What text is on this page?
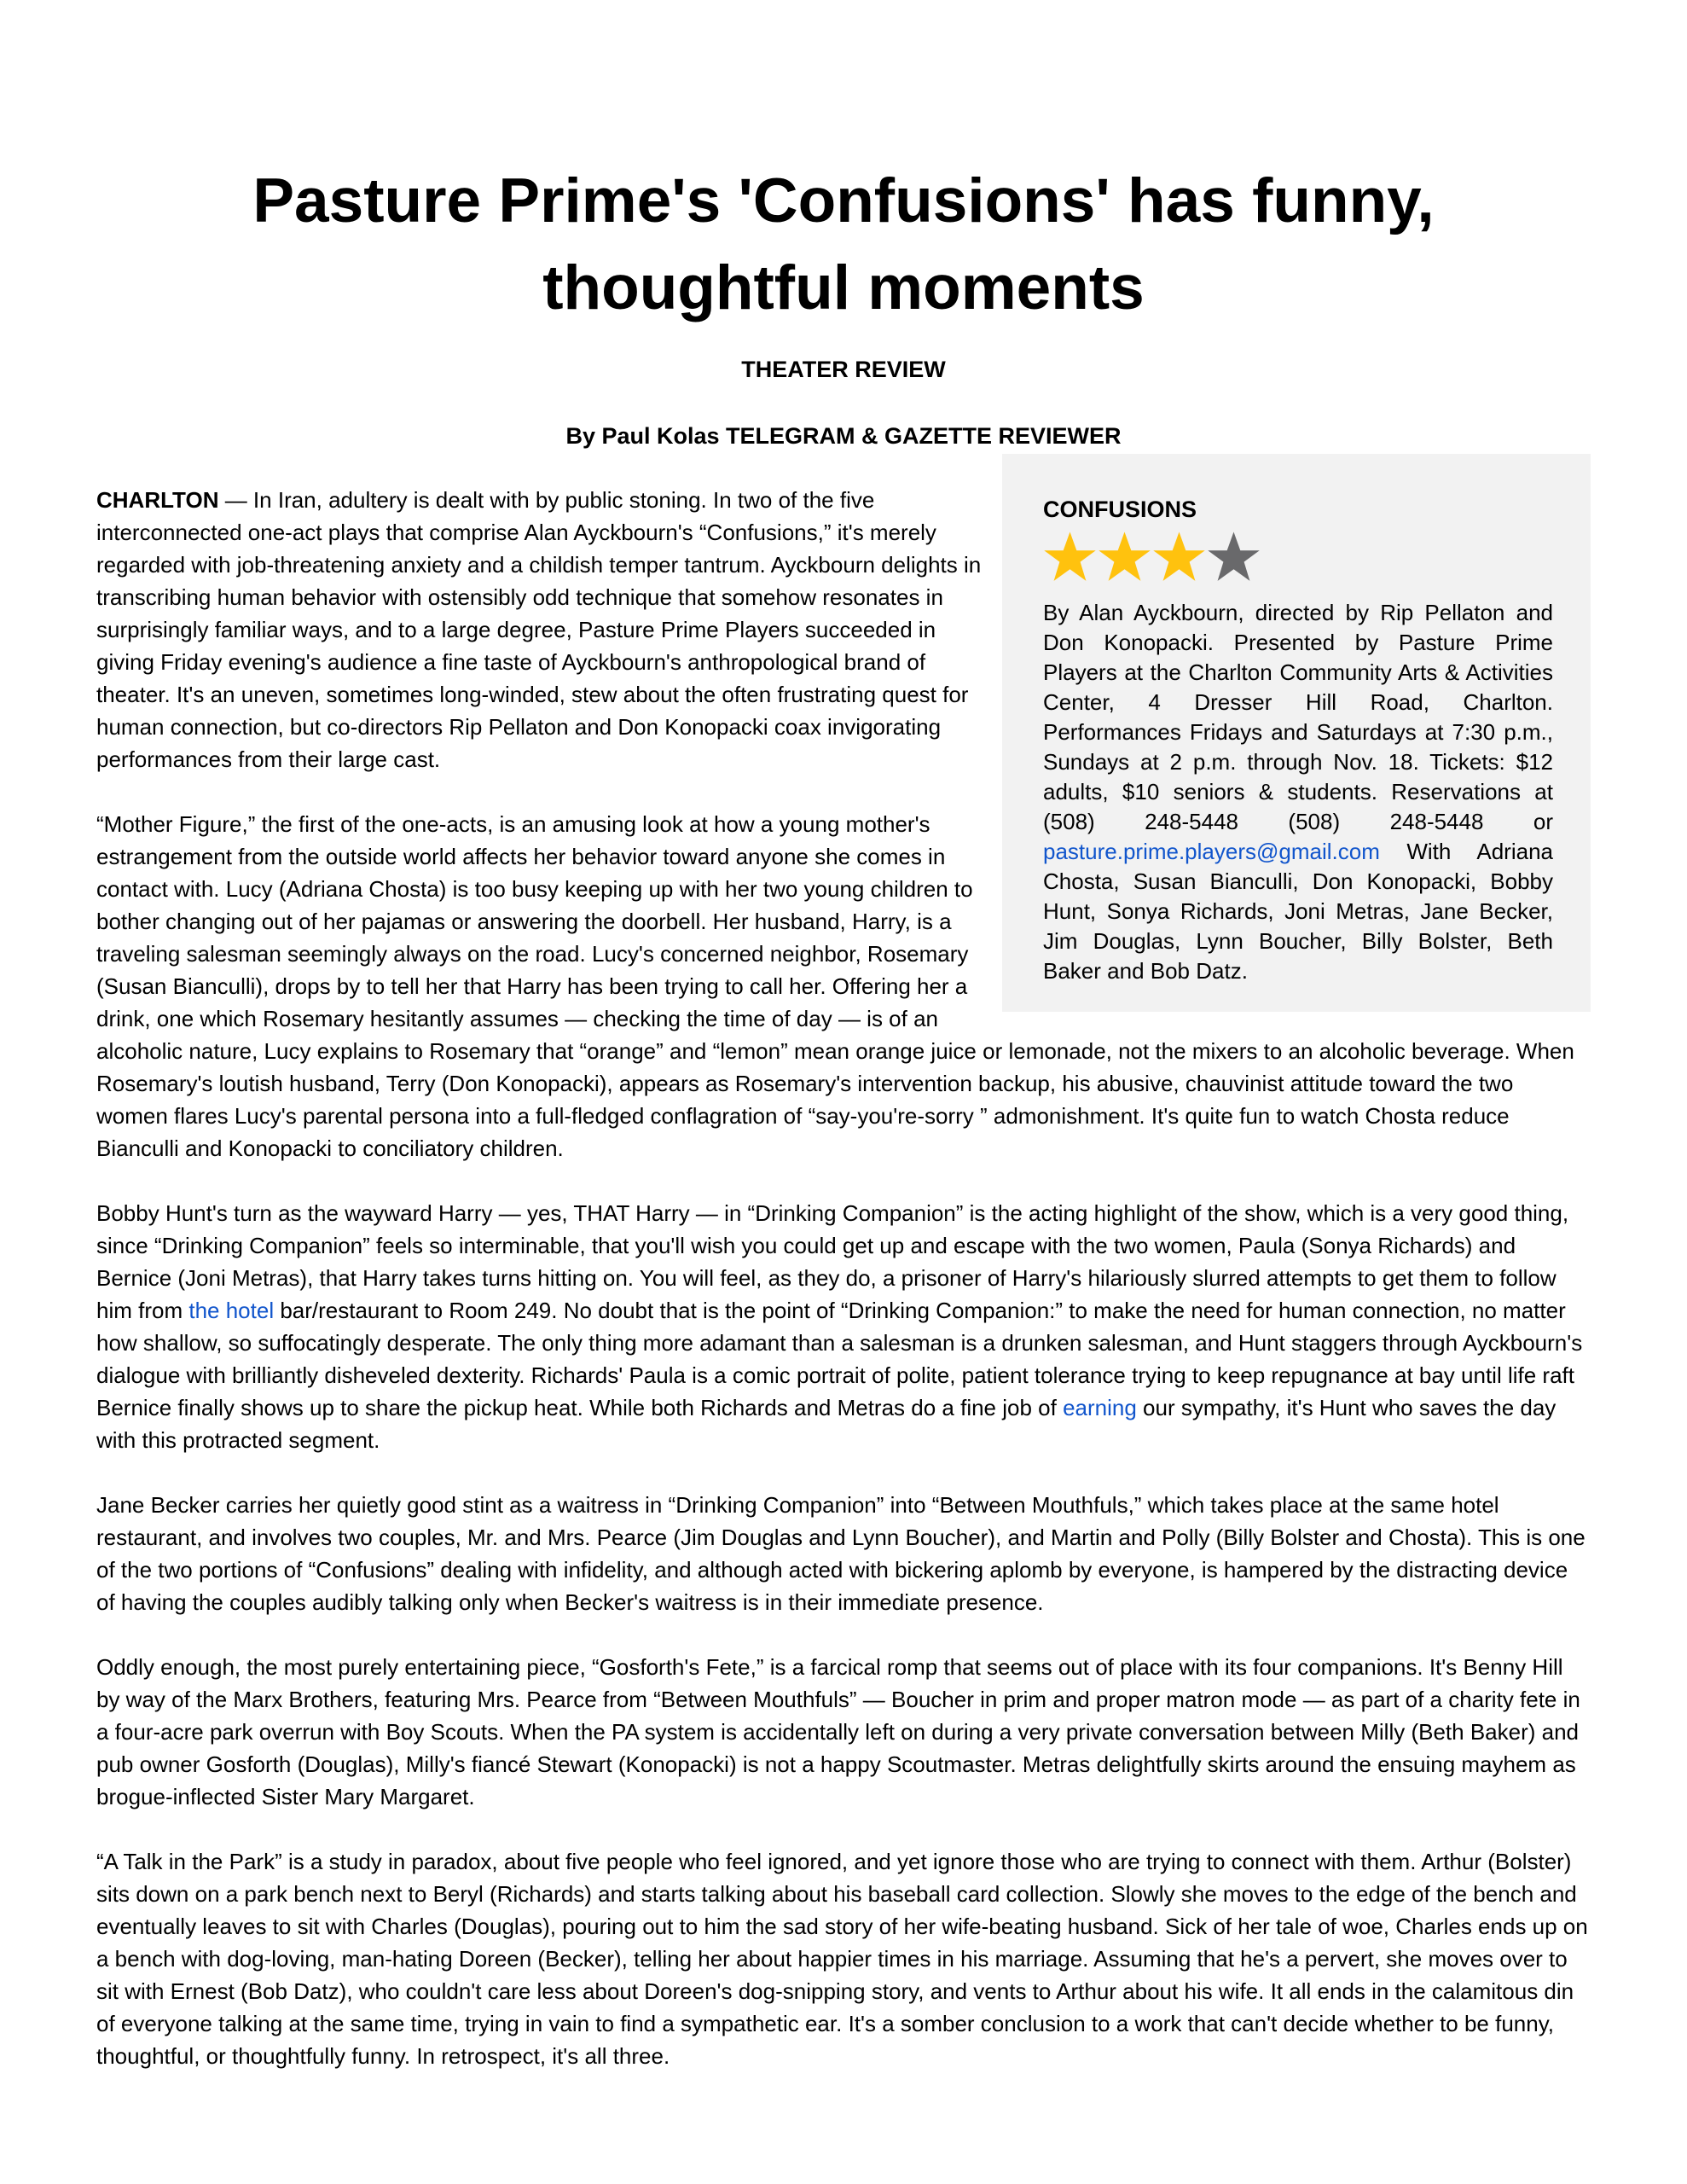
Pasture Prime's 'Confusions' has funny, thoughtful moments
THEATER REVIEW
By Paul Kolas TELEGRAM & GAZETTE REVIEWER
CONFUSIONS

By Alan Ayckbourn, directed by Rip Pellaton and Don Konopacki. Presented by Pasture Prime Players at the Charlton Community Arts & Activities Center, 4 Dresser Hill Road, Charlton. Performances Fridays and Saturdays at 7:30 p.m., Sundays at 2 p.m. through Nov. 18. Tickets: $12 adults, $10 seniors & students. Reservations at (508) 248-5448 (508) 248-5448 or pasture.prime.players@gmail.com With Adriana Chosta, Susan Bianculli, Don Konopacki, Bobby Hunt, Sonya Richards, Joni Metras, Jane Becker, Jim Douglas, Lynn Boucher, Billy Bolster, Beth Baker and Bob Datz.

CHARLTON — In Iran, adultery is dealt with by public stoning. In two of the five interconnected one-act plays that comprise Alan Ayckbourn's “Confusions,” it's merely regarded with job-threatening anxiety and a childish temper tantrum. Ayckbourn delights in transcribing human behavior with ostensibly odd technique that somehow resonates in surprisingly familiar ways, and to a large degree, Pasture Prime Players succeeded in giving Friday evening's audience a fine taste of Ayckbourn's anthropological brand of theater. It's an uneven, sometimes long-winded, stew about the often frustrating quest for human connection, but co-directors Rip Pellaton and Don Konopacki coax invigorating performances from their large cast.

“Mother Figure,” the first of the one-acts, is an amusing look at how a young mother's estrangement from the outside world affects her behavior toward anyone she comes in contact with. Lucy (Adriana Chosta) is too busy keeping up with her two young children to bother changing out of her pajamas or answering the doorbell. Her husband, Harry, is a traveling salesman seemingly always on the road. Lucy's concerned neighbor, Rosemary (Susan Bianculli), drops by to tell her that Harry has been trying to call her. Offering her a drink, one which Rosemary hesitantly assumes — checking the time of day — is of an alcoholic nature, Lucy explains to Rosemary that “orange” and “lemon” mean orange juice or lemonade, not the mixers to an alcoholic beverage. When Rosemary's loutish husband, Terry (Don Konopacki), appears as Rosemary's intervention backup, his abusive, chauvinist attitude toward the two women flares Lucy's parental persona into a full-fledged conflagration of “say-you're-sorry ” admonishment. It's quite fun to watch Chosta reduce Bianculli and Konopacki to conciliatory children.

Bobby Hunt's turn as the wayward Harry — yes, THAT Harry — in “Drinking Companion” is the acting highlight of the show, which is a very good thing, since “Drinking Companion” feels so interminable, that you'll wish you could get up and escape with the two women, Paula (Sonya Richards) and Bernice (Joni Metras), that Harry takes turns hitting on. You will feel, as they do, a prisoner of Harry's hilariously slurred attempts to get them to follow him from the hotel bar/restaurant to Room 249. No doubt that is the point of “Drinking Companion:” to make the need for human connection, no matter how shallow, so suffocatingly desperate. The only thing more adamant than a salesman is a drunken salesman, and Hunt staggers through Ayckbourn's dialogue with brilliantly disheveled dexterity. Richards' Paula is a comic portrait of polite, patient tolerance trying to keep repugnance at bay until life raft Bernice finally shows up to share the pickup heat. While both Richards and Metras do a fine job of earning our sympathy, it's Hunt who saves the day with this protracted segment.

Jane Becker carries her quietly good stint as a waitress in “Drinking Companion” into “Between Mouthfuls,” which takes place at the same hotel restaurant, and involves two couples, Mr. and Mrs. Pearce (Jim Douglas and Lynn Boucher), and Martin and Polly (Billy Bolster and Chosta). This is one of the two portions of “Confusions” dealing with infidelity, and although acted with bickering aplomb by everyone, is hampered by the distracting device of having the couples audibly talking only when Becker's waitress is in their immediate presence.

Oddly enough, the most purely entertaining piece, “Gosforth's Fete,” is a farcical romp that seems out of place with its four companions. It's Benny Hill by way of the Marx Brothers, featuring Mrs. Pearce from “Between Mouthfuls” — Boucher in prim and proper matron mode — as part of a charity fete in a four-acre park overrun with Boy Scouts. When the PA system is accidentally left on during a very private conversation between Milly (Beth Baker) and pub owner Gosforth (Douglas), Milly's fiancé Stewart (Konopacki) is not a happy Scoutmaster. Metras delightfully skirts around the ensuing mayhem as brogue-inflected Sister Mary Margaret.

“A Talk in the Park” is a study in paradox, about five people who feel ignored, and yet ignore those who are trying to connect with them. Arthur (Bolster) sits down on a park bench next to Beryl (Richards) and starts talking about his baseball card collection. Slowly she moves to the edge of the bench and eventually leaves to sit with Charles (Douglas), pouring out to him the sad story of her wife-beating husband. Sick of her tale of woe, Charles ends up on a bench with dog-loving, man-hating Doreen (Becker), telling her about happier times in his marriage. Assuming that he's a pervert, she moves over to sit with Ernest (Bob Datz), who couldn't care less about Doreen's dog-snipping story, and vents to Arthur about his wife. It all ends in the calamitous din of everyone talking at the same time, trying in vain to find a sympathetic ear. It's a somber conclusion to a work that can't decide whether to be funny, thoughtful, or thoughtfully funny. In retrospect, it's all three.
